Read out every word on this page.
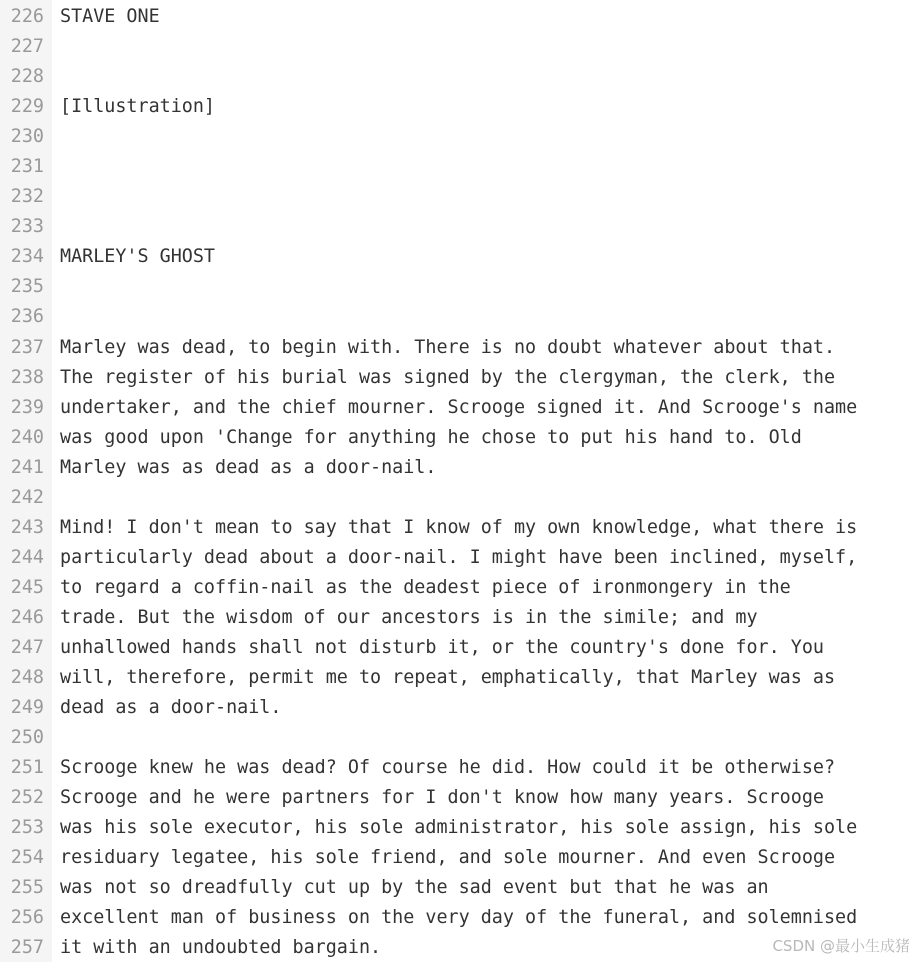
226
227
228
229
230
231
232
233
234
235
236
237
238
239
240
241
242
243
244
245
246
247
248
249
250
251
252
253
254
255
256
257
STAVE ONE
[Illustration]
MARLEY'S GHOST
Marley was dead, to begin with. There is no doubt whatever about that.
The register of his burial was signed by the clergyman, the clerk, the
undertaker, and the chief mourner. Scrooge signed it. And Scrooge's name
was good upon 'Change for anything he chose to put his hand to. Old
Marley was as dead as a door-nail.
Mind! I don't mean to say that I know of my own knowledge, what there is
particularly dead about a door-nail. I might have been inclined, myself,
to regard a coffin-nail as the deadest piece of ironmongery in the
trade. But the wisdom of our ancestors is in the simile; and my
unhallowed hands shall not disturb it, or the country's done for. You
will, therefore, permit me to repeat, emphatically, that Marley was as
dead as a door-nail.
Scrooge knew he was dead? Of course he did. How could it be otherwise?
Scrooge and he were partners for I don't know how many years. Scrooge
was his sole executor, his sole administrator, his sole assign, his sole
residuary legatee, his sole friend, and sole mourner. And even Scrooge
was not so dreadfully cut up by the sad event but that he was an
excellent man of business on the very day of the funeral, and solemnised
it with an undoubted bargain.	CSDN @最小生成猪
